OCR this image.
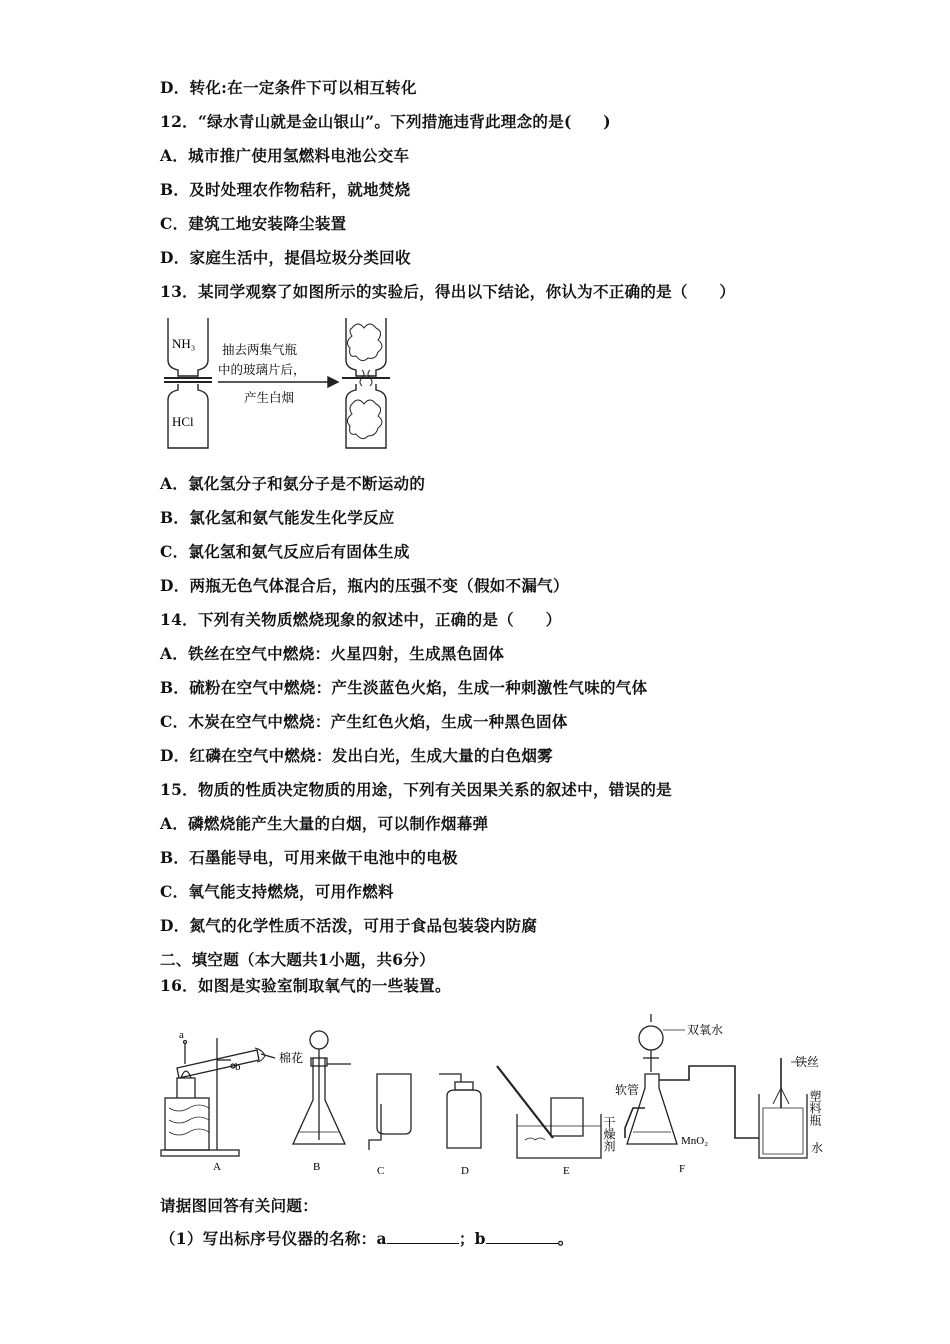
D．转化:在一定条件下可以相互转化
12．“绿水青山就是金山银山”。下列措施违背此理念的是(　　)
A．城市推广使用氢燃料电池公交车
B．及时处理农作物秸秆，就地焚烧
C．建筑工地安装降尘装置
D．家庭生活中，提倡垃圾分类回收
13．某同学观察了如图所示的实验后，得出以下结论，你认为不正确的是（　　）
NH₃
HCl
抽去两集气瓶
中的玻璃片后，
产生白烟
A．氯化氢分子和氨分子是不断运动的
B．氯化氢和氨气能发生化学反应
C．氯化氢和氨气反应后有固体生成
D．两瓶无色气体混合后，瓶内的压强不变（假如不漏气）
14．下列有关物质燃烧现象的叙述中，正确的是（　　）
A．铁丝在空气中燃烧：火星四射，生成黑色固体
B．硫粉在空气中燃烧：产生淡蓝色火焰，生成一种刺激性气味的气体
C．木炭在空气中燃烧：产生红色火焰，生成一种黑色固体
D．红磷在空气中燃烧：发出白光，生成大量的白色烟雾
15．物质的性质决定物质的用途，下列有关因果关系的叙述中，错误的是
A．磷燃烧能产生大量的白烟，可以制作烟幕弹
B．石墨能导电，可用来做干电池中的电极
C．氧气能支持燃烧，可用作燃料
D．氮气的化学性质不活泼，可用于食品包装袋内防腐
二、填空题（本大题共1小题，共6分）
16．如图是实验室制取氧气的一些装置。
a
b
棉花
双氧水
软管
干燥剂	MnO₂
铁丝
塑料瓶
水
A	B	C	D	E	F
请据图回答有关问题：
（1）写出标序号仪器的名称：a	；b	。
